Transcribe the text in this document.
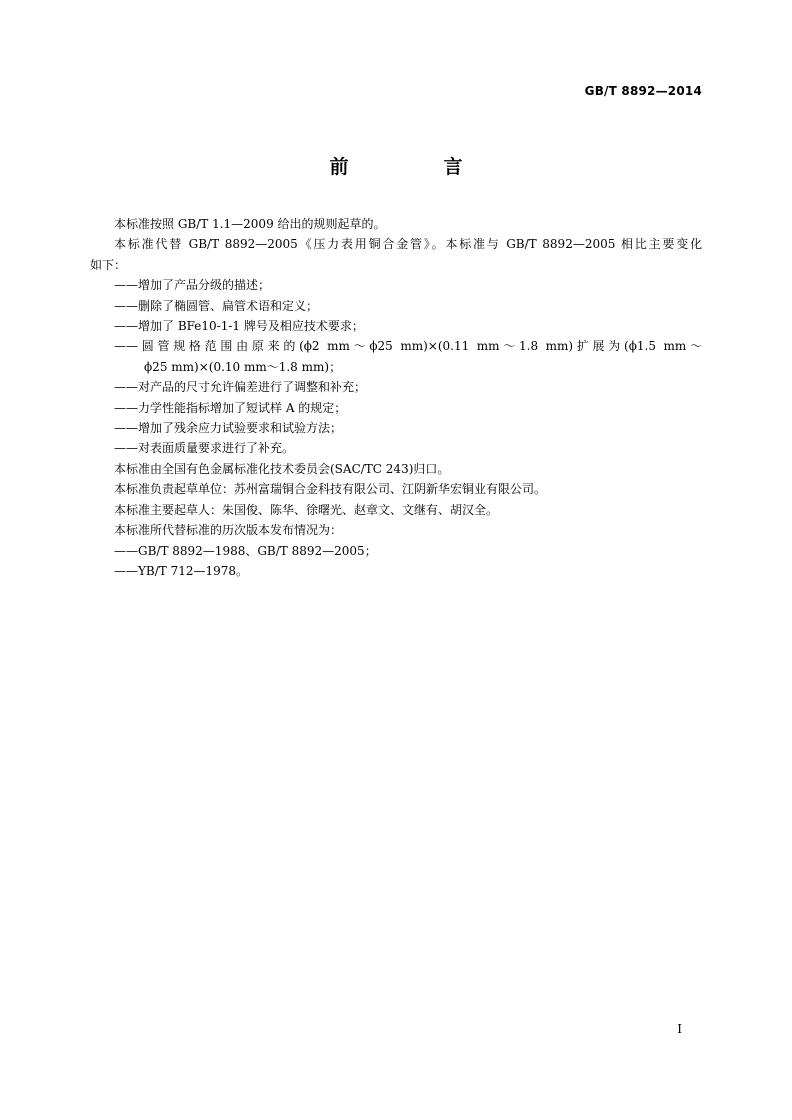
GB/T 8892—2014
前　言
本标准按照 GB/T 1.1—2009 给出的规则起草的。
本标准代替 GB/T 8892—2005《压力表用铜合金管》。本标准与 GB/T 8892—2005 相比主要变化
如下：
——增加了产品分级的描述；
——删除了椭圆管、扁管术语和定义；
——增加了 BFe10-1-1 牌号及相应技术要求；
——圆管规格范围由原来的(ϕ2 mm～ϕ25 mm)×(0.11 mm～1.8 mm)扩展为(ϕ1.5 mm～
ϕ25 mm)×(0.10 mm～1.8 mm)；
——对产品的尺寸允许偏差进行了调整和补充；
——力学性能指标增加了短试样 A 的规定；
——增加了残余应力试验要求和试验方法；
——对表面质量要求进行了补充。
本标准由全国有色金属标准化技术委员会(SAC/TC 243)归口。
本标准负责起草单位：苏州富瑞铜合金科技有限公司、江阴新华宏铜业有限公司。
本标准主要起草人：朱国俊、陈华、徐曙光、赵章文、文继有、胡汉全。
本标准所代替标准的历次版本发布情况为：
——GB/T 8892—1988、GB/T 8892—2005；
——YB/T 712—1978。
I
